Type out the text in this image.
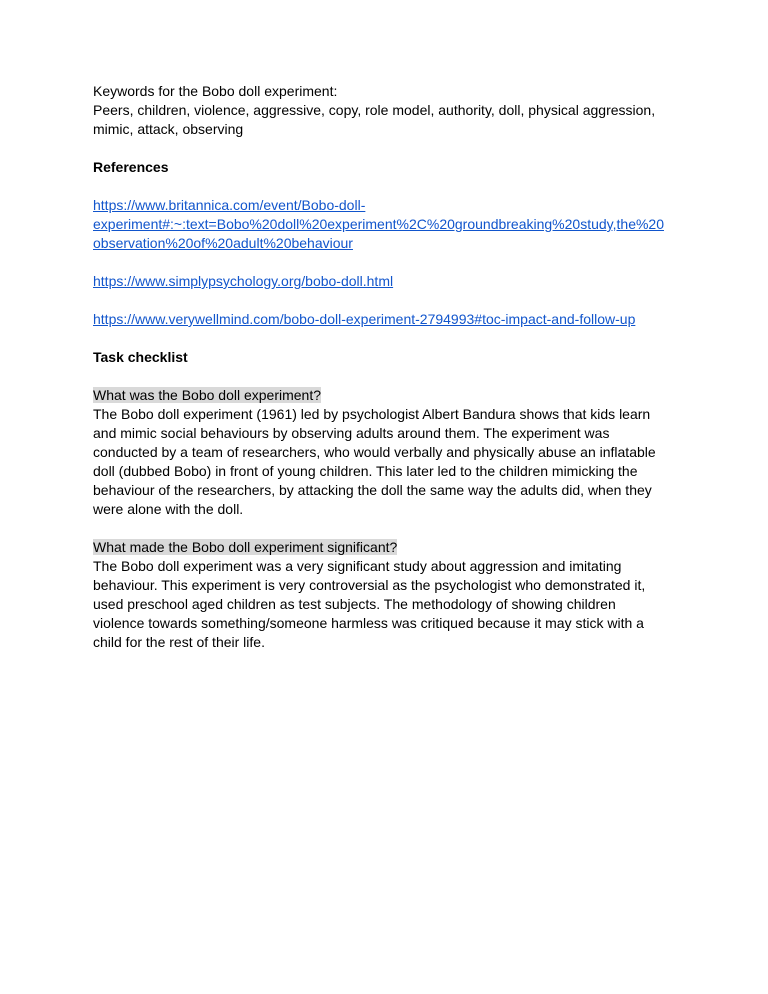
Keywords for the Bobo doll experiment:

Peers, children, violence, aggressive, copy, role model, authority, doll, physical aggression,

mimic, attack, observing

References

https://www.britannica.com/event/Bobo-doll-
experiment#:~:text=Bobo%20doll%20experiment%2C%20groundbreaking%20study,the%20
observation%20of%20adult%20behaviour
https://www.simplypsychology.org/bobo-doll.html
https://www.verywellmind.com/bobo-doll-experiment-2794993#toc-impact-and-follow-up

Task checklist

What was the Bobo doll experiment?

The Bobo doll experiment (1961) led by psychologist Albert Bandura shows that kids learn

and mimic social behaviours by observing adults around them. The experiment was

conducted by a team of researchers, who would verbally and physically abuse an inflatable

doll (dubbed Bobo) in front of young children. This later led to the children mimicking the

behaviour of the researchers, by attacking the doll the same way the adults did, when they

were alone with the doll.

What made the Bobo doll experiment significant?

The Bobo doll experiment was a very significant study about aggression and imitating

behaviour. This experiment is very controversial as the psychologist who demonstrated it,

used preschool aged children as test subjects. The methodology of showing children

violence towards something/someone harmless was critiqued because it may stick with a

child for the rest of their life.
